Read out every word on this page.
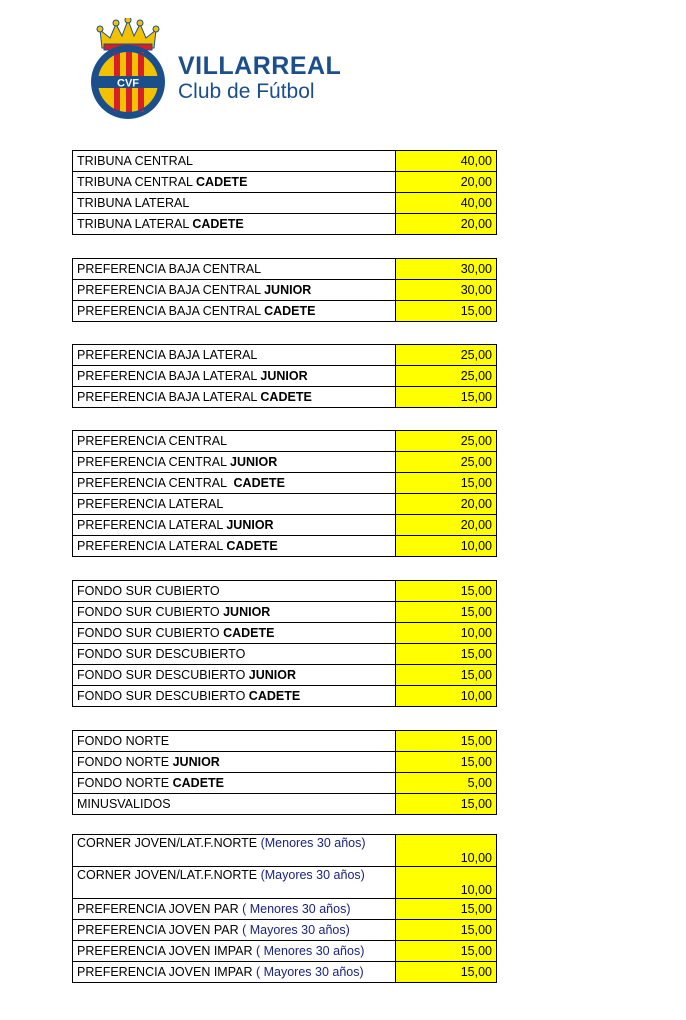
CVF
VILLARREAL
Club de Fútbol
TRIBUNA CENTRAL	40,00
TRIBUNA CENTRAL CADETE	20,00
TRIBUNA LATERAL	40,00
TRIBUNA LATERAL CADETE	20,00
PREFERENCIA BAJA CENTRAL	30,00
PREFERENCIA BAJA CENTRAL JUNIOR	30,00
PREFERENCIA BAJA CENTRAL CADETE	15,00
PREFERENCIA BAJA LATERAL	25,00
PREFERENCIA BAJA LATERAL JUNIOR	25,00
PREFERENCIA BAJA LATERAL CADETE	15,00
PREFERENCIA CENTRAL	25,00
PREFERENCIA CENTRAL JUNIOR	25,00
PREFERENCIA CENTRAL  CADETE	15,00
PREFERENCIA LATERAL	20,00
PREFERENCIA LATERAL JUNIOR	20,00
PREFERENCIA LATERAL CADETE	10,00
FONDO SUR CUBIERTO	15,00
FONDO SUR CUBIERTO JUNIOR	15,00
FONDO SUR CUBIERTO CADETE	10,00
FONDO SUR DESCUBIERTO	15,00
FONDO SUR DESCUBIERTO JUNIOR	15,00
FONDO SUR DESCUBIERTO CADETE	10,00
FONDO NORTE	15,00
FONDO NORTE JUNIOR	15,00
FONDO NORTE CADETE	5,00
MINUSVALIDOS	15,00
CORNER JOVEN/LAT.F.NORTE (Menores 30 años)	10,00
CORNER JOVEN/LAT.F.NORTE (Mayores 30 años)	10,00
PREFERENCIA JOVEN PAR ( Menores 30 años)	15,00
PREFERENCIA JOVEN PAR ( Mayores 30 años)	15,00
PREFERENCIA JOVEN IMPAR ( Menores 30 años)	15,00
PREFERENCIA JOVEN IMPAR ( Mayores 30 años)	15,00
